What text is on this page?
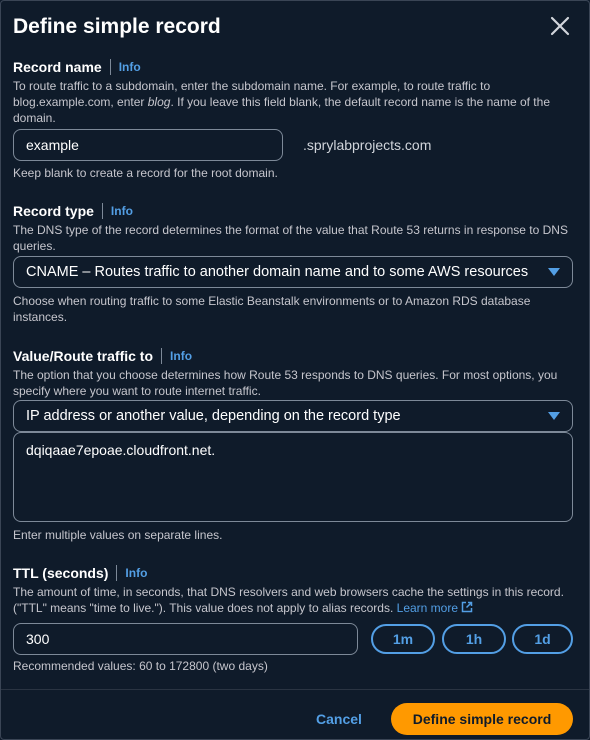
Define simple record
Record name Info
To route traffic to a subdomain, enter the subdomain name. For example, to route traffic to blog.example.com, enter blog. If you leave this field blank, the default record name is the name of the domain.
example
.sprylabprojects.com
Keep blank to create a record for the root domain.
Record type Info
The DNS type of the record determines the format of the value that Route 53 returns in response to DNS queries.
CNAME – Routes traffic to another domain name and to some AWS resources
Choose when routing traffic to some Elastic Beanstalk environments or to Amazon RDS database instances.
Value/Route traffic to Info
The option that you choose determines how Route 53 responds to DNS queries. For most options, you specify where you want to route internet traffic.
IP address or another value, depending on the record type
dqiqaae7epoae.cloudfront.net.
Enter multiple values on separate lines.
TTL (seconds) Info
The amount of time, in seconds, that DNS resolvers and web browsers cache the settings in this record. ("TTL" means "time to live."). This value does not apply to alias records. Learn more
300
1m	1h	1d
Recommended values: 60 to 172800 (two days)
Cancel	Define simple record
